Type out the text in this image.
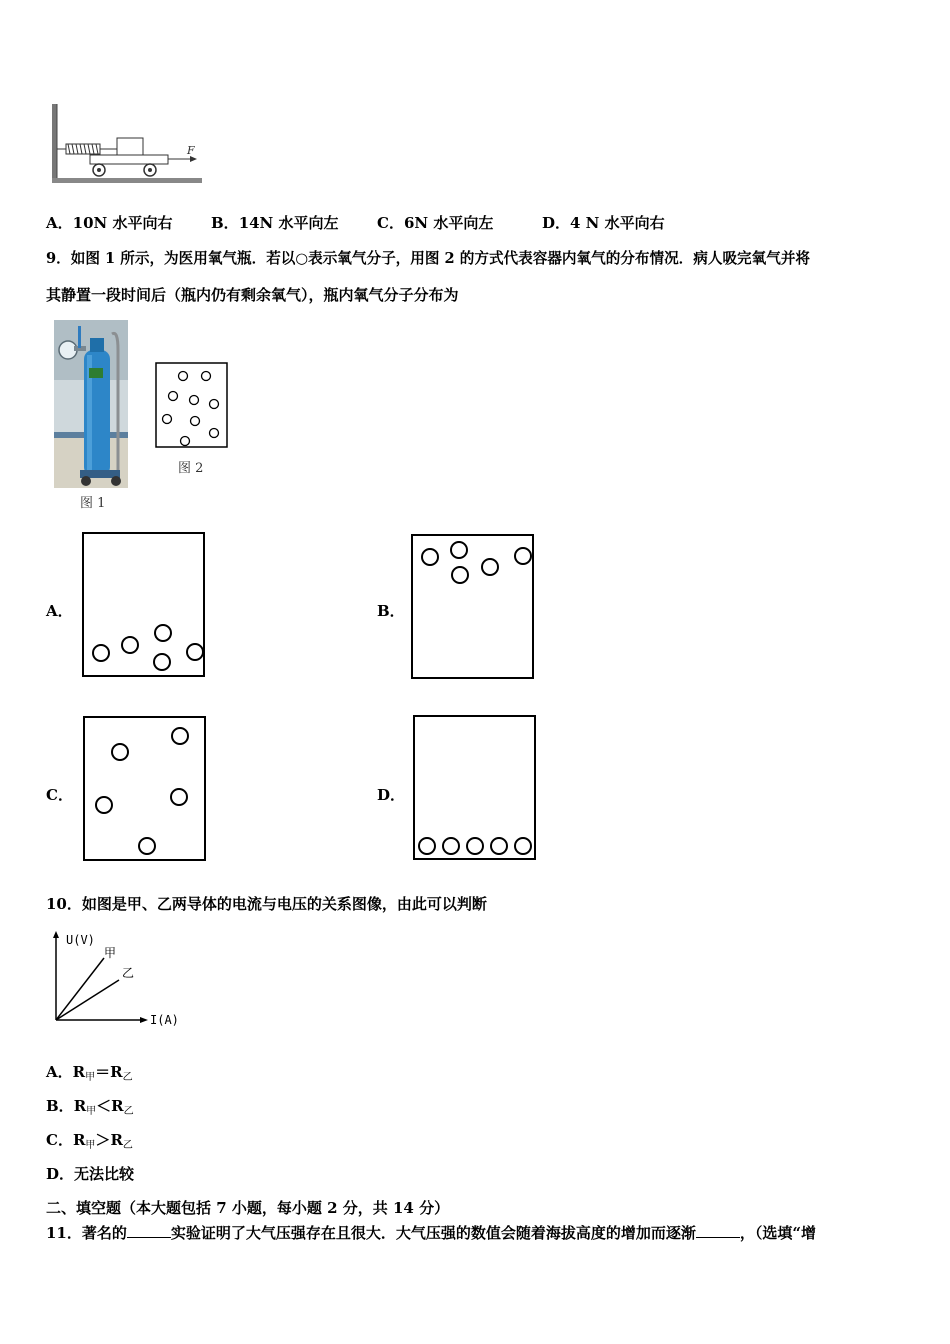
F
A．10N 水平向右	B．14N 水平向左	C．6N 水平向左	D．4 N 水平向右
9．如图 1 所示，为医用氧气瓶．若以○表示氧气分子，用图 2 的方式代表容器内氧气的分布情况．病人吸完氧气并将
其静置一段时间后（瓶内仍有剩余氧气），瓶内氧气分子分布为
图 1
图 2
A．	B．
C．	D．
10．如图是甲、乙两导体的电流与电压的关系图像，由此可以判断
U(V)
I(A)
甲
乙
A．$R_甲=R_乙$
B．$R_甲<R_乙$
C．$R_甲>R_乙$
D．无法比较
二、填空题（本大题包括 7 小题，每小题 2 分，共 14 分）
11．著名的	实验证明了大气压强存在且很大．大气压强的数值会随着海拔高度的增加而逐渐	，（选填“增
